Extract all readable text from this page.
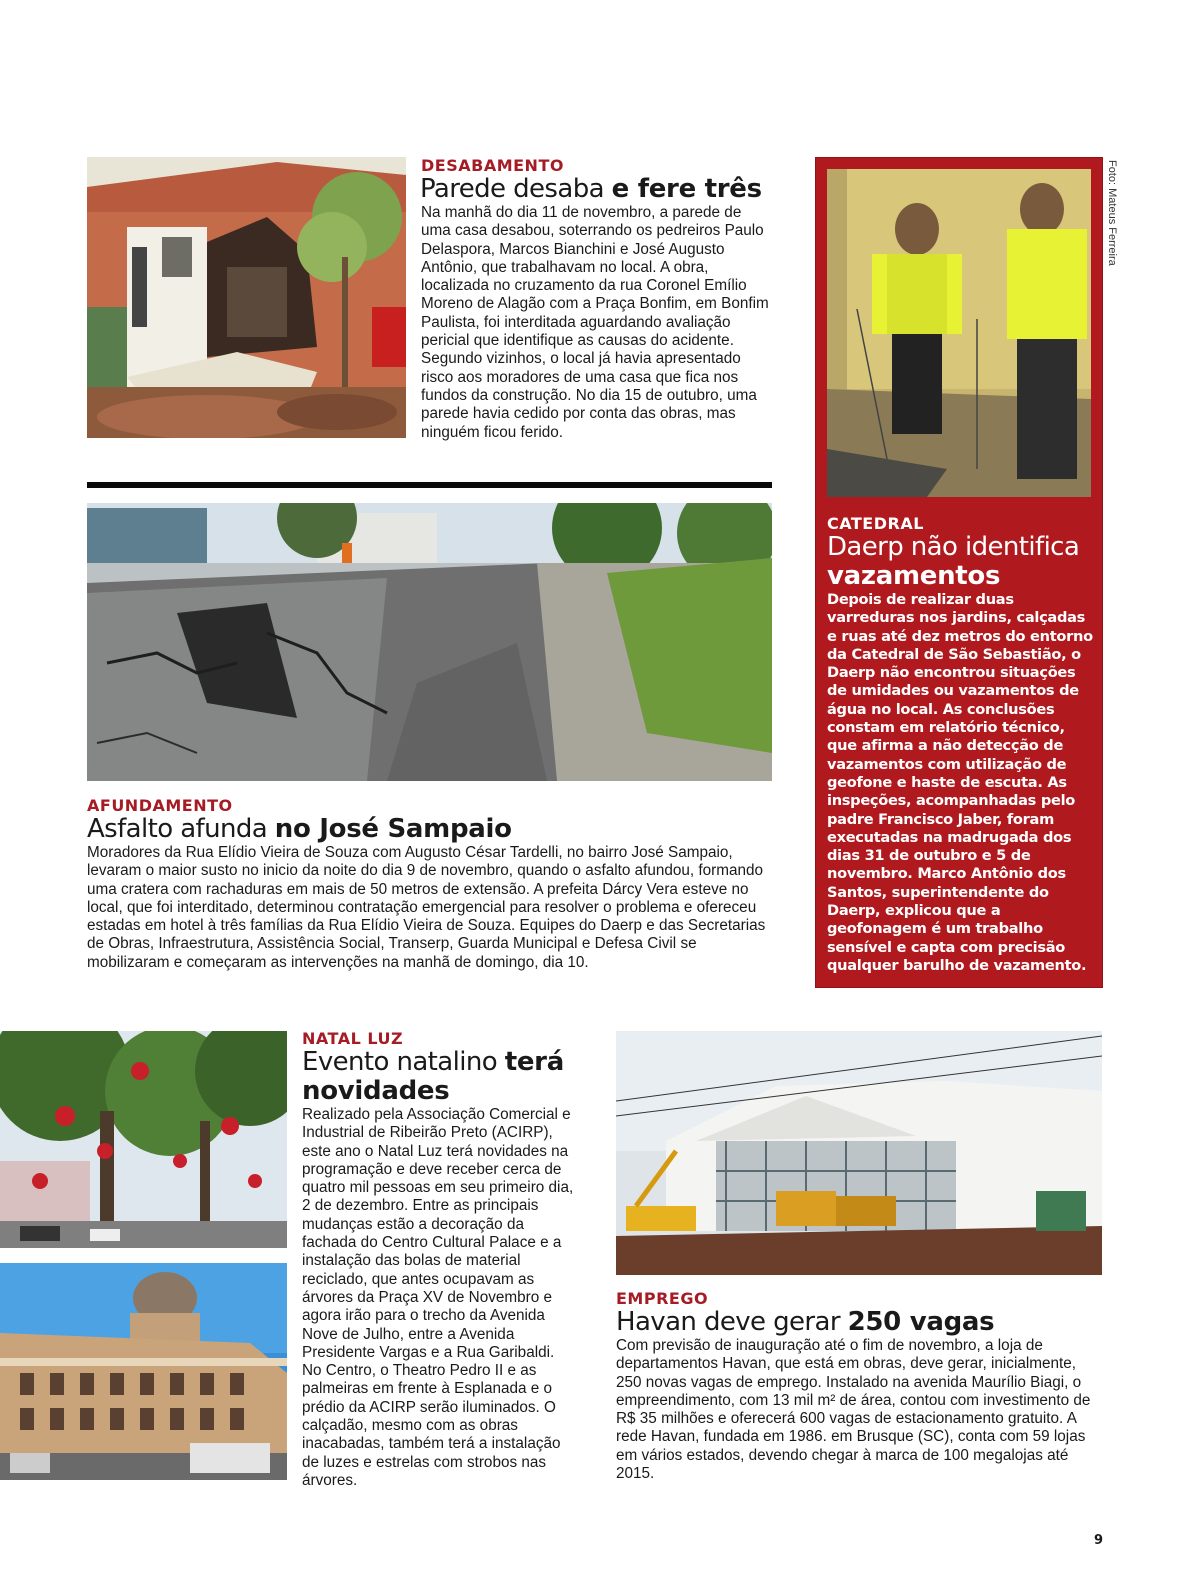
DESABAMENTO
Parede desaba e fere três

Na manhã do dia 11 de novembro, a parede de uma casa desabou, soterrando os pedreiros Paulo Delaspora, Marcos Bianchini e José Augusto Antônio, que trabalhavam no local. A obra, localizada no cruzamento da rua Coronel Emílio Moreno de Alagão com a Praça Bonfim, em Bonfim Paulista, foi interditada aguardando avaliação pericial que identifique as causas do acidente. Segundo vizinhos, o local já havia apresentado risco aos moradores de uma casa que fica nos fundos da construção. No dia 15 de outubro, uma parede havia cedido por conta das obras, mas ninguém ficou ferido.

AFUNDAMENTO
Asfalto afunda no José Sampaio

Moradores da Rua Elídio Vieira de Souza com Augusto César Tardelli, no bairro José Sampaio, levaram o maior susto no inicio da noite do dia 9 de novembro, quando o asfalto afundou, formando uma cratera com rachaduras em mais de 50 metros de extensão. A prefeita Dárcy Vera esteve no local, que foi interditado, determinou contratação emergencial para resolver o problema e ofereceu estadas em hotel à três famílias da Rua Elídio Vieira de Souza. Equipes do Daerp e das Secretarias de Obras, Infraestrutura, Assistência Social, Transerp, Guarda Municipal e Defesa Civil se mobilizaram e começaram as intervenções na manhã de domingo, dia 10.

CATEDRAL
Daerp não identifica vazamentos

Depois de realizar duas varreduras nos jardins, calçadas e ruas até dez metros do entorno da Catedral de São Sebastião, o Daerp não encontrou situações de umidades ou vazamentos de água no local. As conclusões constam em relatório técnico, que afirma a não detecção de vazamentos com utilização de geofone e haste de escuta. As inspeções, acompanhadas pelo padre Francisco Jaber, foram executadas na madrugada dos dias 31 de outubro e 5 de novembro. Marco Antônio dos Santos, superintendente do Daerp, explicou que a geofonagem é um trabalho sensível e capta com precisão qualquer barulho de vazamento.

Foto: Mateus Ferreira
NATAL LUZ
Evento natalino terá novidades

Realizado pela Associação Comercial e Industrial de Ribeirão Preto (ACIRP), este ano o Natal Luz terá novidades na programação e deve receber cerca de quatro mil pessoas em seu primeiro dia, 2 de dezembro. Entre as principais mudanças estão a decoração da fachada do Centro Cultural Palace e a instalação das bolas de material reciclado, que antes ocupavam as árvores da Praça XV de Novembro e agora irão para o trecho da Avenida Nove de Julho, entre a Avenida Presidente Vargas e a Rua Garibaldi. No Centro, o Theatro Pedro II e as palmeiras em frente à Esplanada e o prédio da ACIRP serão iluminados. O calçadão, mesmo com as obras inacabadas, também terá a instalação de luzes e estrelas com strobos nas árvores.

EMPREGO
Havan deve gerar 250 vagas

Com previsão de inauguração até o fim de novembro, a loja de departamentos Havan, que está em obras, deve gerar, inicialmente, 250 novas vagas de emprego. Instalado na avenida Maurílio Biagi, o empreendimento, com 13 mil m² de área, contou com investimento de R$ 35 milhões e oferecerá 600 vagas de estacionamento gratuito. A rede Havan, fundada em 1986. em Brusque (SC), conta com 59 lojas em vários estados, devendo chegar à marca de 100 megalojas até 2015.

9
